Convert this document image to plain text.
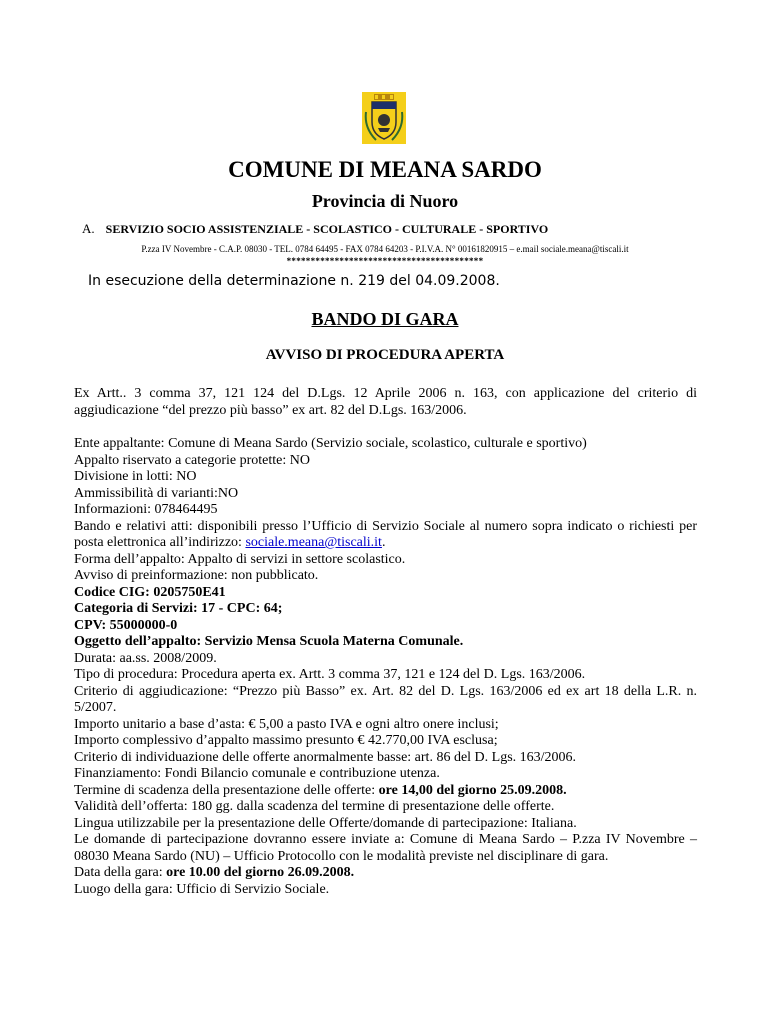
COMUNE DI MEANA SARDO
Provincia di Nuoro
A. SERVIZIO SOCIO ASSISTENZIALE - SCOLASTICO - CULTURALE - SPORTIVO
P.zza IV Novembre - C.A.P. 08030 - TEL. 0784 64495 - FAX 0784 64203 - P.I.V.A. N° 00161820915 – e.mail sociale.meana@tiscali.it
*****************************************
In esecuzione della determinazione n. 219 del 04.09.2008.
BANDO DI GARA
AVVISO DI PROCEDURA APERTA
Ex Artt.. 3 comma 37, 121 124 del D.Lgs. 12 Aprile 2006 n. 163, con applicazione del criterio di aggiudicazione “del prezzo più basso” ex art. 82 del D.Lgs. 163/2006.
Ente appaltante: Comune di Meana Sardo (Servizio sociale, scolastico, culturale e sportivo)
Appalto riservato a categorie protette: NO
Divisione in lotti: NO
Ammissibilità di varianti:NO
Informazioni: 078464495
Bando e relativi atti: disponibili presso l’Ufficio di Servizio Sociale al numero sopra indicato o richiesti per posta elettronica all’indirizzo: sociale.meana@tiscali.it.
Forma dell’appalto: Appalto di servizi in settore scolastico.
Avviso di preinformazione: non pubblicato.
Codice CIG: 0205750E41
Categoria di Servizi: 17 - CPC: 64;
CPV: 55000000-0
Oggetto dell’appalto: Servizio Mensa Scuola Materna Comunale.
Durata: aa.ss. 2008/2009.
Tipo di procedura: Procedura aperta ex. Artt. 3 comma 37, 121 e 124 del D. Lgs. 163/2006.
Criterio di aggiudicazione: “Prezzo più Basso” ex. Art. 82 del D. Lgs. 163/2006 ed ex art 18 della L.R. n. 5/2007.
Importo unitario a base d’asta: € 5,00 a pasto IVA e ogni altro onere inclusi;
Importo complessivo d’appalto massimo presunto € 42.770,00 IVA esclusa;
Criterio di individuazione delle offerte anormalmente basse: art. 86 del D. Lgs. 163/2006.
Finanziamento: Fondi Bilancio comunale e contribuzione utenza.
Termine di scadenza della presentazione delle offerte: ore 14,00 del giorno 25.09.2008.
Validità dell’offerta: 180 gg. dalla scadenza del termine di presentazione delle offerte.
Lingua utilizzabile per la presentazione delle Offerte/domande di partecipazione: Italiana.
Le domande di partecipazione dovranno essere inviate a: Comune di Meana Sardo – P.zza IV Novembre – 08030 Meana Sardo (NU) – Ufficio Protocollo con le modalità previste nel disciplinare di gara.
Data della gara: ore 10.00 del giorno 26.09.2008.
Luogo della gara: Ufficio di Servizio Sociale.
